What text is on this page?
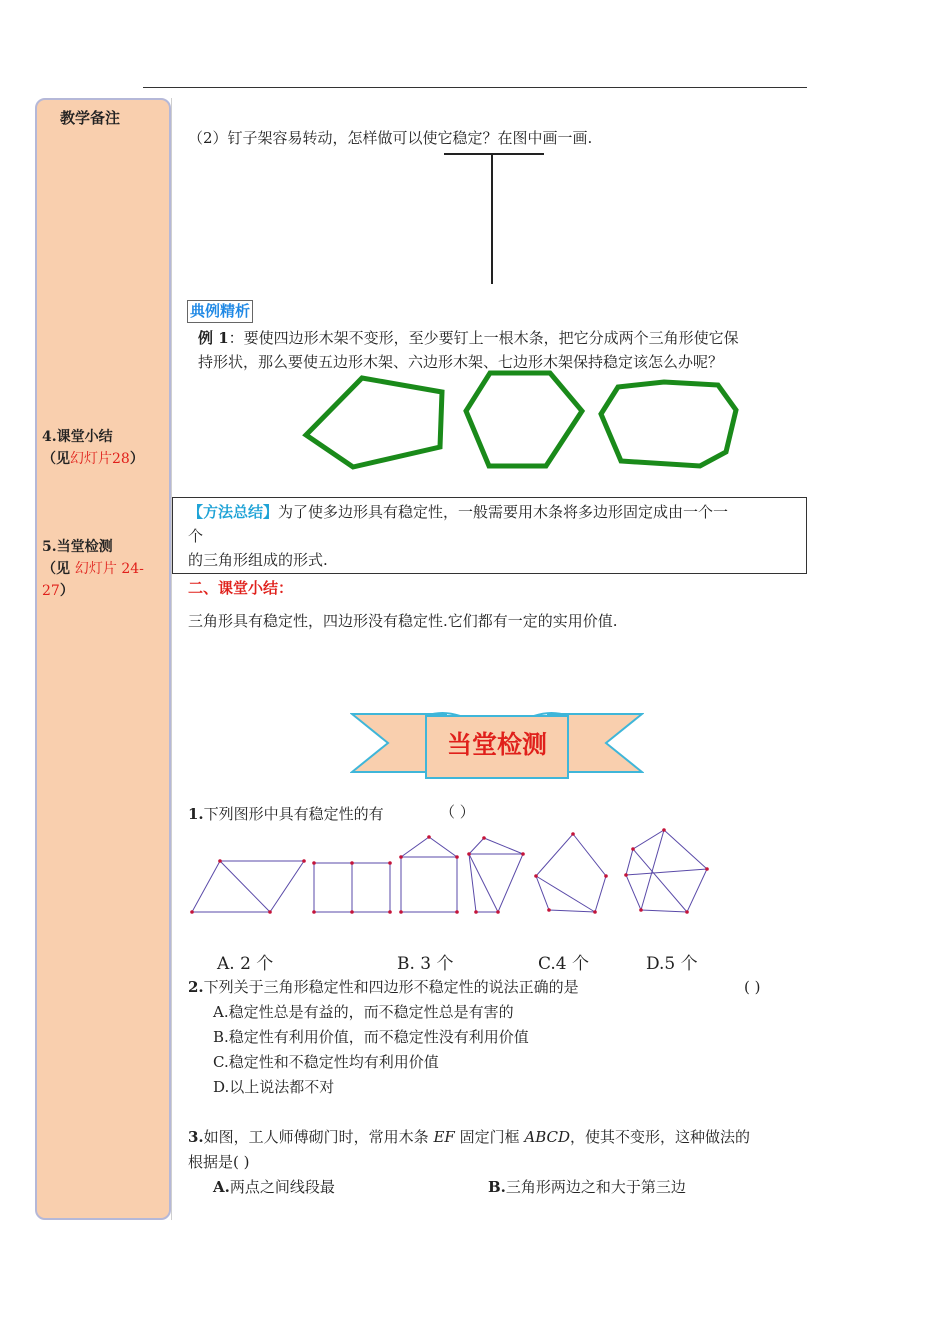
教学备注
4.课堂小结
（见幻灯片28）
5.当堂检测
（见 幻灯片 24-
27）
（2）钉子架容易转动，怎样做可以使它稳定？在图中画一画.
典例精析
例 1：要使四边形木架不变形，至少要钉上一根木条，把它分成两个三角形使它保
持形状，那么要使五边形木架、六边形木架、七边形木架保持稳定该怎么办呢？
【方法总结】为了使多边形具有稳定性，一般需要用木条将多边形固定成由一个一
个
的三角形组成的形式.
二、课堂小结：
三角形具有稳定性，四边形没有稳定性.它们都有一定的实用价值.
当堂检测
1.下列图形中具有稳定性的有	（ ）
A. 2 个	B. 3 个	C.4 个	D.5 个
2.下列关于三角形稳定性和四边形不稳定性的说法正确的是	( )
A.稳定性总是有益的，而不稳定性总是有害的
B.稳定性有利用价值，而不稳定性没有利用价值
C.稳定性和不稳定性均有利用价值
D.以上说法都不对
3.如图，工人师傅砌门时，常用木条 EF 固定门框 ABCD，使其不变形，这种做法的
根据是( )
A.两点之间线段最	B.三角形两边之和大于第三边
